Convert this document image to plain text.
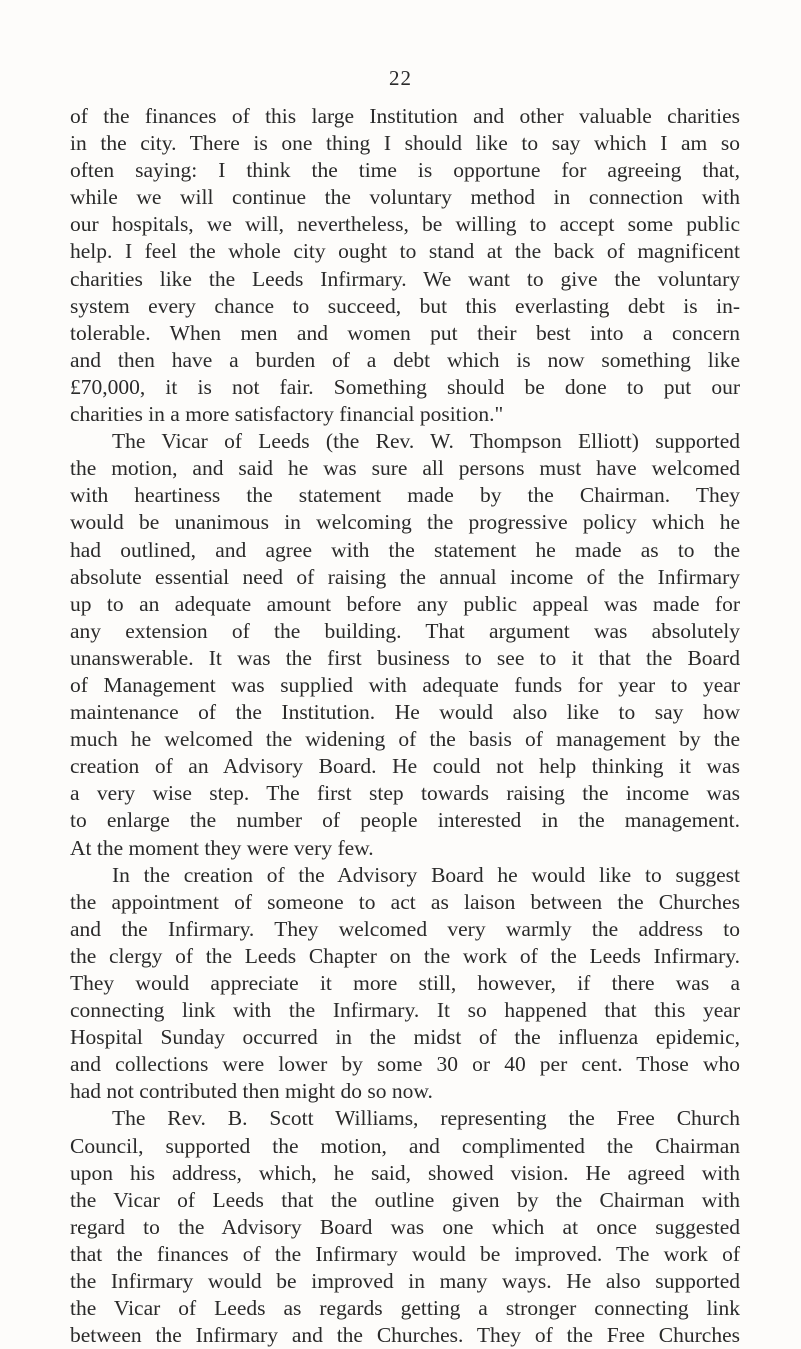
22
of the finances of this large Institution and other valuable charities
in the city. There is one thing I should like to say which I am so
often saying: I think the time is opportune for agreeing that,
while we will continue the voluntary method in connection with
our hospitals, we will, nevertheless, be willing to accept some public
help. I feel the whole city ought to stand at the back of magnificent
charities like the Leeds Infirmary. We want to give the voluntary
system every chance to succeed, but this everlasting debt is in-
tolerable. When men and women put their best into a concern
and then have a burden of a debt which is now something like
£70,000, it is not fair. Something should be done to put our
charities in a more satisfactory financial position."
The Vicar of Leeds (the Rev. W. Thompson Elliott) supported
the motion, and said he was sure all persons must have welcomed
with heartiness the statement made by the Chairman. They
would be unanimous in welcoming the progressive policy which he
had outlined, and agree with the statement he made as to the
absolute essential need of raising the annual income of the Infirmary
up to an adequate amount before any public appeal was made for
any extension of the building. That argument was absolutely
unanswerable. It was the first business to see to it that the Board
of Management was supplied with adequate funds for year to year
maintenance of the Institution. He would also like to say how
much he welcomed the widening of the basis of management by the
creation of an Advisory Board. He could not help thinking it was
a very wise step. The first step towards raising the income was
to enlarge the number of people interested in the management.
At the moment they were very few.
In the creation of the Advisory Board he would like to suggest
the appointment of someone to act as laison between the Churches
and the Infirmary. They welcomed very warmly the address to
the clergy of the Leeds Chapter on the work of the Leeds Infirmary.
They would appreciate it more still, however, if there was a
connecting link with the Infirmary. It so happened that this year
Hospital Sunday occurred in the midst of the influenza epidemic,
and collections were lower by some 30 or 40 per cent. Those who
had not contributed then might do so now.
The Rev. B. Scott Williams, representing the Free Church
Council, supported the motion, and complimented the Chairman
upon his address, which, he said, showed vision. He agreed with
the Vicar of Leeds that the outline given by the Chairman with
regard to the Advisory Board was one which at once suggested
that the finances of the Infirmary would be improved. The work of
the Infirmary would be improved in many ways. He also supported
the Vicar of Leeds as regards getting a stronger connecting link
between the Infirmary and the Churches. They of the Free Churches
